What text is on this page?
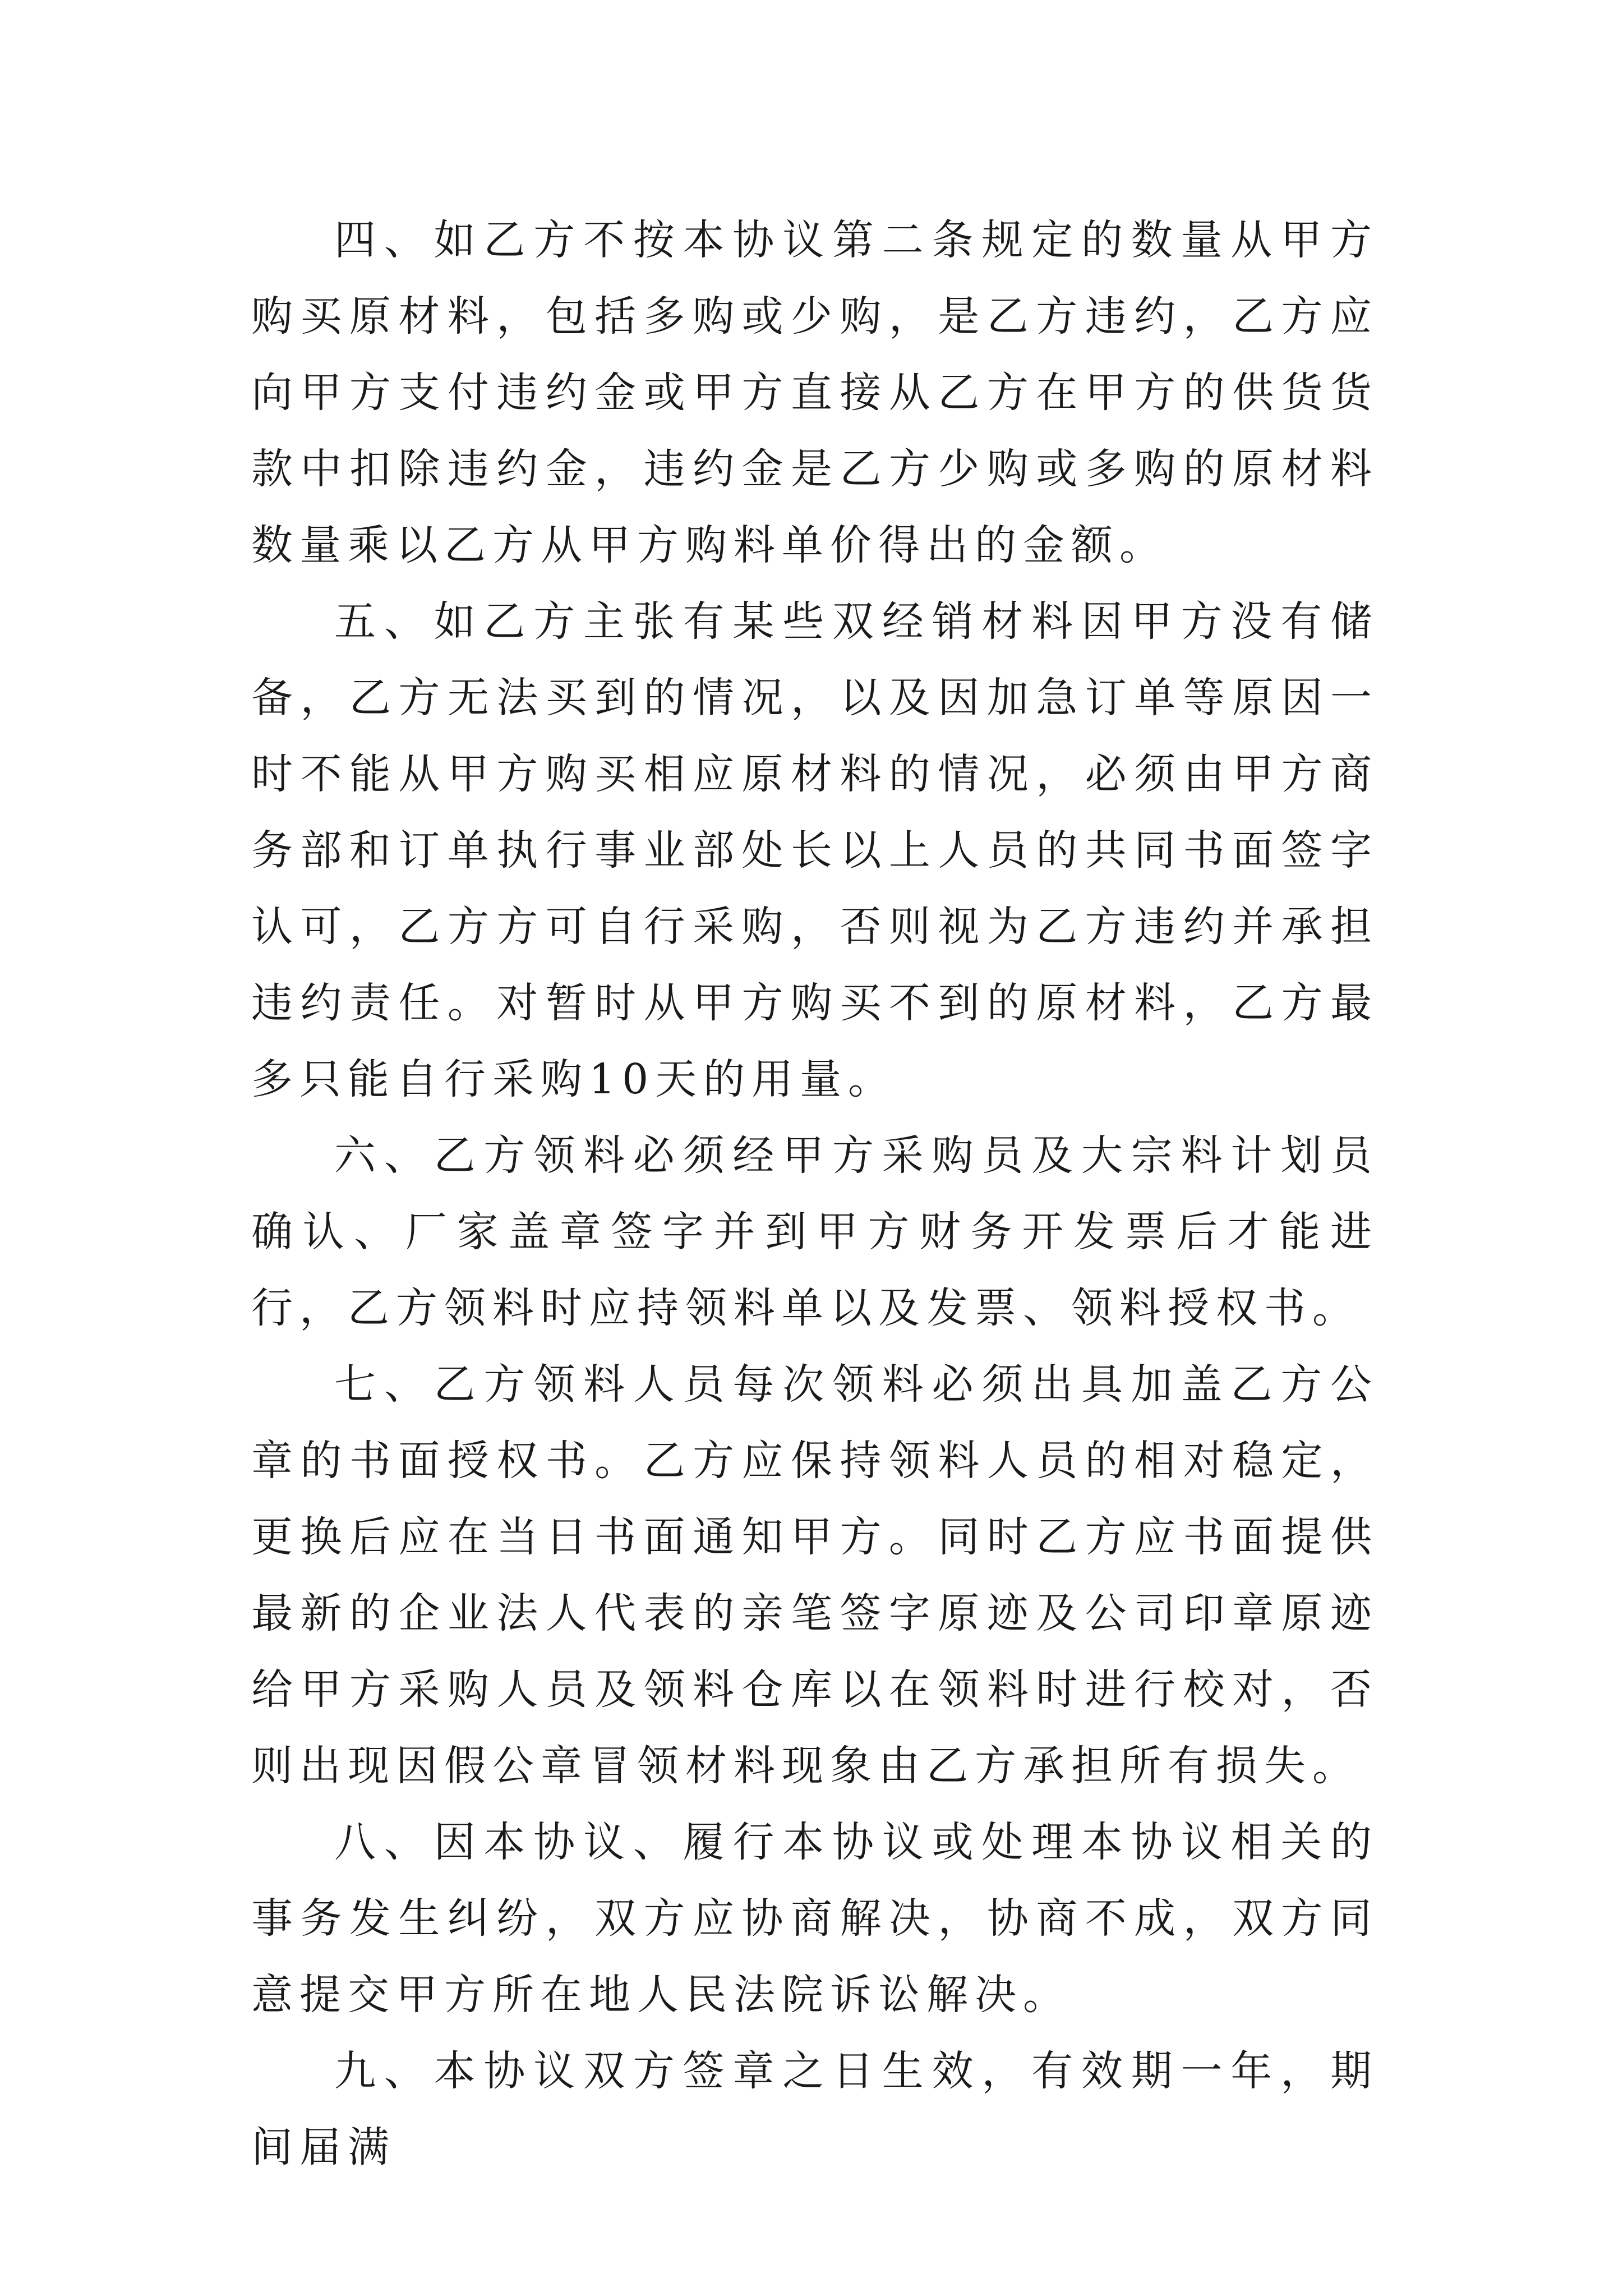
四、如乙方不按本协议第二条规定的数量从甲方购买原材料，包括多购或少购，是乙方违约，乙方应向甲方支付违约金或甲方直接从乙方在甲方的供货货款中扣除违约金，违约金是乙方少购或多购的原材料数量乘以乙方从甲方购料单价得出的金额。

五、如乙方主张有某些双经销材料因甲方没有储备，乙方无法买到的情况，以及因加急订单等原因一时不能从甲方购买相应原材料的情况，必须由甲方商务部和订单执行事业部处长以上人员的共同书面签字认可，乙方方可自行采购，否则视为乙方违约并承担违约责任。对暂时从甲方购买不到的原材料，乙方最多只能自行采购10天的用量。

六、乙方领料必须经甲方采购员及大宗料计划员确认、厂家盖章签字并到甲方财务开发票后才能进行，乙方领料时应持领料单以及发票、领料授权书。

七、乙方领料人员每次领料必须出具加盖乙方公章的书面授权书。乙方应保持领料人员的相对稳定，更换后应在当日书面通知甲方。同时乙方应书面提供最新的企业法人代表的亲笔签字原迹及公司印章原迹给甲方采购人员及领料仓库以在领料时进行校对，否则出现因假公章冒领材料现象由乙方承担所有损失。

八、因本协议、履行本协议或处理本协议相关的事务发生纠纷，双方应协商解决，协商不成，双方同意提交甲方所在地人民法院诉讼解决。

九、本协议双方签章之日生效，有效期一年，期间届满
